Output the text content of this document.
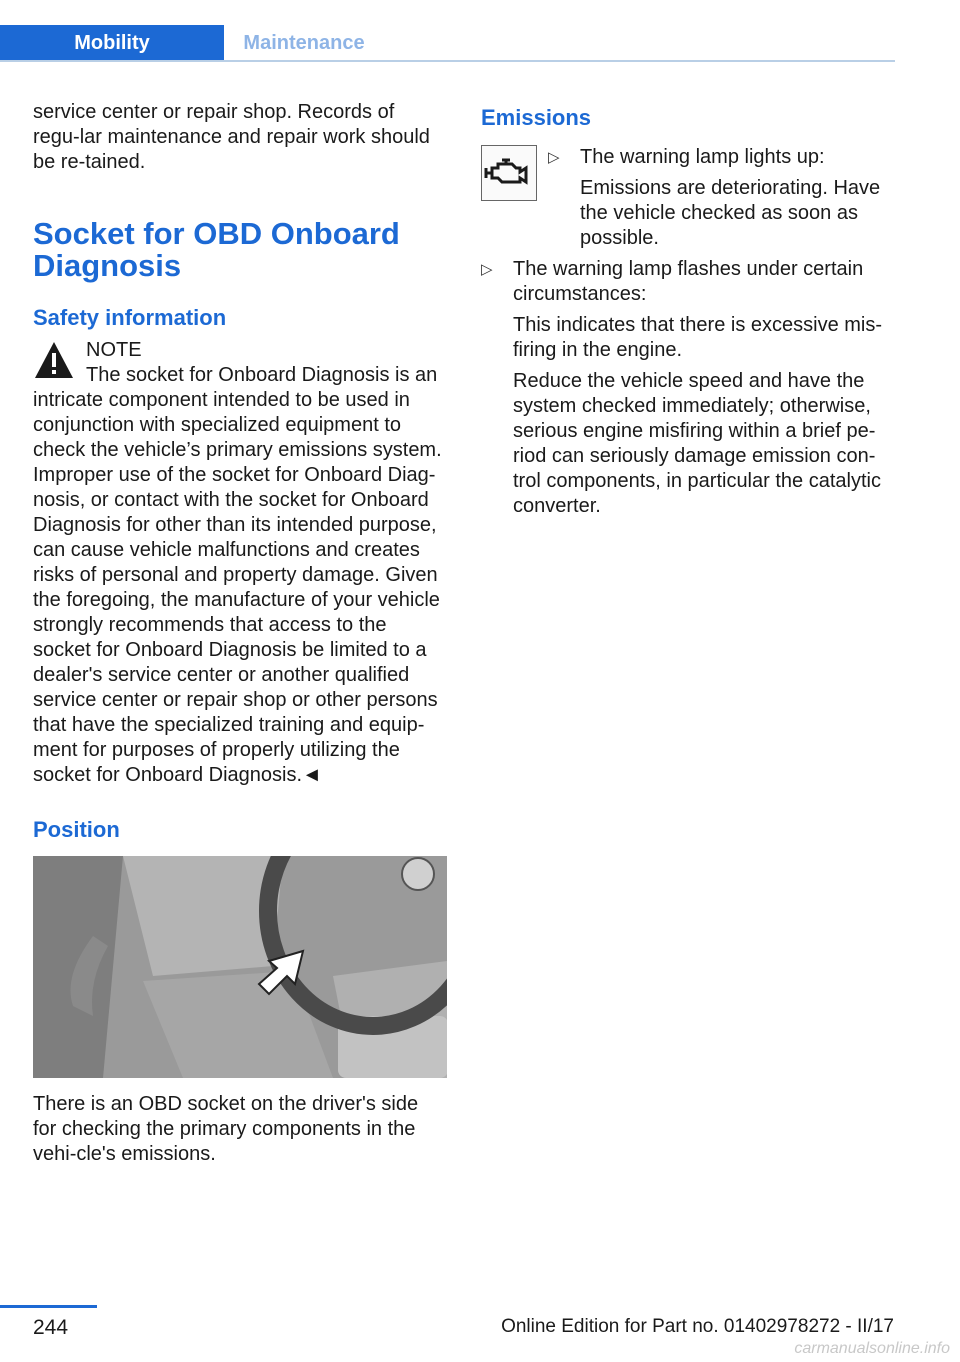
Mobility	Maintenance

service center or repair shop. Records of regu‐lar maintenance and repair work should be re‐tained.

Socket for OBD Onboard Diagnosis
Safety information

NOTE

The socket for Onboard Diagnosis is an intricate component intended to be used in conjunction with specialized equipment to check the vehicle’s primary emissions system. Improper use of the socket for Onboard Diag‐nosis, or contact with the socket for Onboard Diagnosis for other than its intended purpose, can cause vehicle malfunctions and creates risks of personal and property damage. Given the foregoing, the manufacture of your vehicle strongly recommends that access to the socket for Onboard Diagnosis be limited to a dealer's service center or another qualified service center or repair shop or other persons that have the specialized training and equip‐ment for purposes of properly utilizing the socket for Onboard Diagnosis.◄

Position

There is an OBD socket on the driver's side for checking the primary components in the vehi‐cle's emissions.

Emissions
▷ The warning lamp lights up:

Emissions are deteriorating. Have the vehicle checked as soon as possible.

▷ The warning lamp flashes under certain circumstances:

This indicates that there is excessive mis‐firing in the engine.

Reduce the vehicle speed and have the system checked immediately; otherwise, serious engine misfiring within a brief pe‐riod can seriously damage emission con‐trol components, in particular the catalytic converter.

244	Online Edition for Part no. 01402978272 - II/17
carmanualsonline.info
